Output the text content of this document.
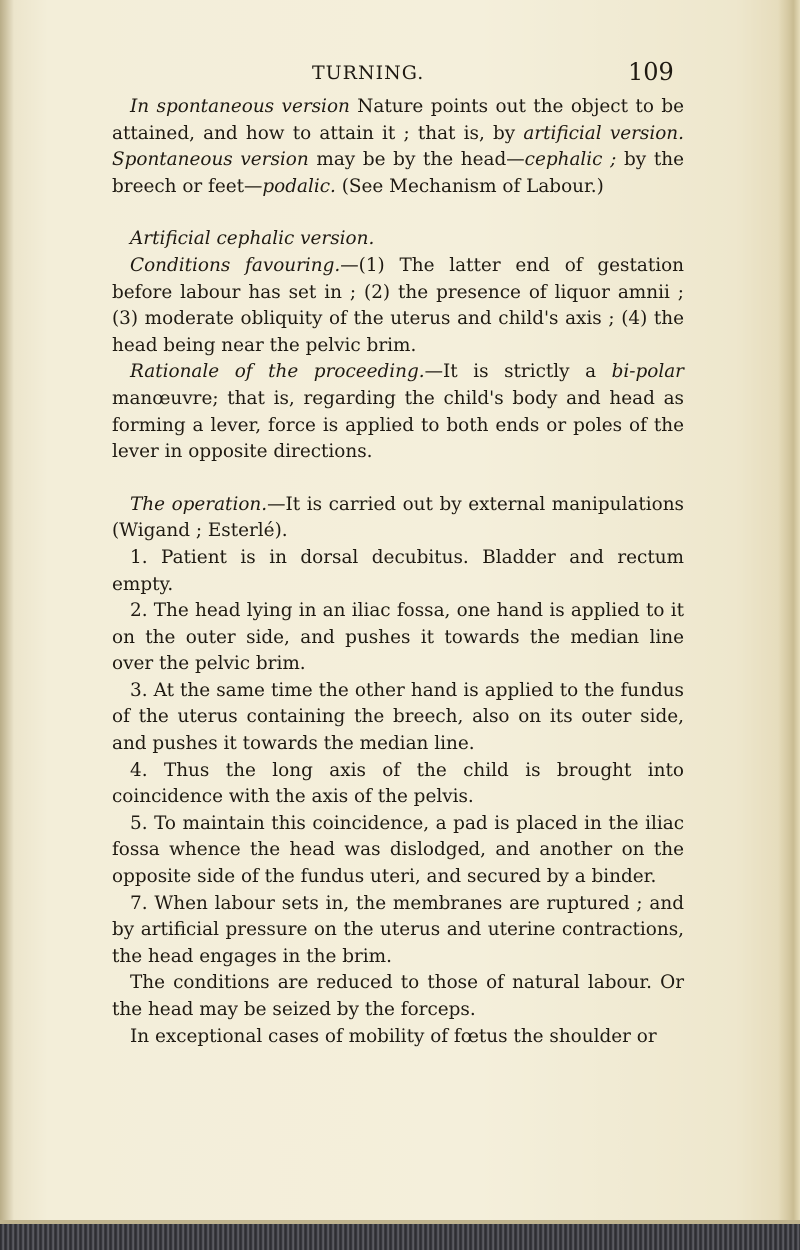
TURNING.	109

In spontaneous version Nature points out the object to be attained, and how to attain it ; that is, by artificial version. Spontaneous version may be by the head—cephalic ; by the breech or feet—podalic. (See Mechanism of Labour.)

Artificial cephalic version.

Conditions favouring.—(1) The latter end of gestation before labour has set in ; (2) the presence of liquor amnii ; (3) moderate obliquity of the uterus and child's axis ; (4) the head being near the pelvic brim.

Rationale of the proceeding.—It is strictly a bi-polar manœuvre; that is, regarding the child's body and head as forming a lever, force is applied to both ends or poles of the lever in opposite directions.

The operation.—It is carried out by external manipulations (Wigand ; Esterlé).

1. Patient is in dorsal decubitus. Bladder and rectum empty.

2. The head lying in an iliac fossa, one hand is applied to it on the outer side, and pushes it towards the median line over the pelvic brim.

3. At the same time the other hand is applied to the fundus of the uterus containing the breech, also on its outer side, and pushes it towards the median line.

4. Thus the long axis of the child is brought into coincidence with the axis of the pelvis.

5. To maintain this coincidence, a pad is placed in the iliac fossa whence the head was dislodged, and another on the opposite side of the fundus uteri, and secured by a binder.

7. When labour sets in, the membranes are ruptured ; and by artificial pressure on the uterus and uterine contractions, the head engages in the brim.

The conditions are reduced to those of natural labour. Or the head may be seized by the forceps.

In exceptional cases of mobility of fœtus the shoulder or
